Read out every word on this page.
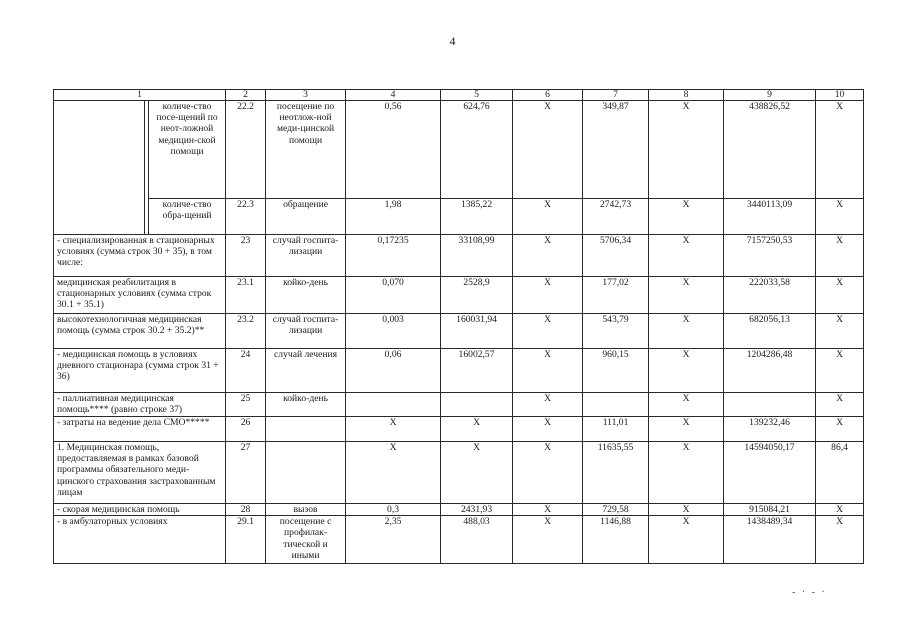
4
1			2	3	4	5	6	7	8	9	10
		количе-ство посе-щений по неот-ложной медицин-ской помощи	22.2	посещение по неотлож-ной меди-цинской помощи	0,56	624,76	X	349,87	X	438826,52	X
		количе-ство обра-щений	22.3	обращение	1,98	1385,22	X	2742,73	X	3440113,09	X
- специализированная в стационарных условиях (сумма строк 30 + 35), в том числе:			23	случай госпита-лизации	0,17235	33108,99	X	5706,34	X	7157250,53	X
медицинская реабилитация в стационарных условиях (сумма строк 30.1 + 35.1)			23.1	койко-день	0,070	2528,9	X	177,02	X	222033,58	X
высокотехнологичная медицинская помощь (сумма строк 30.2 + 35.2)**			23.2	случай госпита-лизации	0,003	160031,94	X	543,79	X	682056,13	X
- медицинская помощь в условиях дневного стационара (сумма строк 31 + 36)			24	случай лечения	0,06	16002,57	X	960,15	X	1204286,48	X
- паллиативная медицинская помощь**** (равно строке 37)			25	койко-день			X		X		X
- затраты на ведение дела СМО*****			26		X	X	X	111,01	X	139232,46	X
1. Медицинская помощь, предоставляемая в рамках базовой программы обязательного меди-цинского страхования застрахованным лицам			27		X	X	X	11635,55	X	14594050,17	86,4
- скорая медицинская помощь			28	вызов	0,3	2431,93	X	729,58	X	915084,21	X
- в амбулаторных условиях			29.1	посещение с профилак-тической и иными	2,35	488,03	X	1146,88	X	1438489,34	X
- · - ·
